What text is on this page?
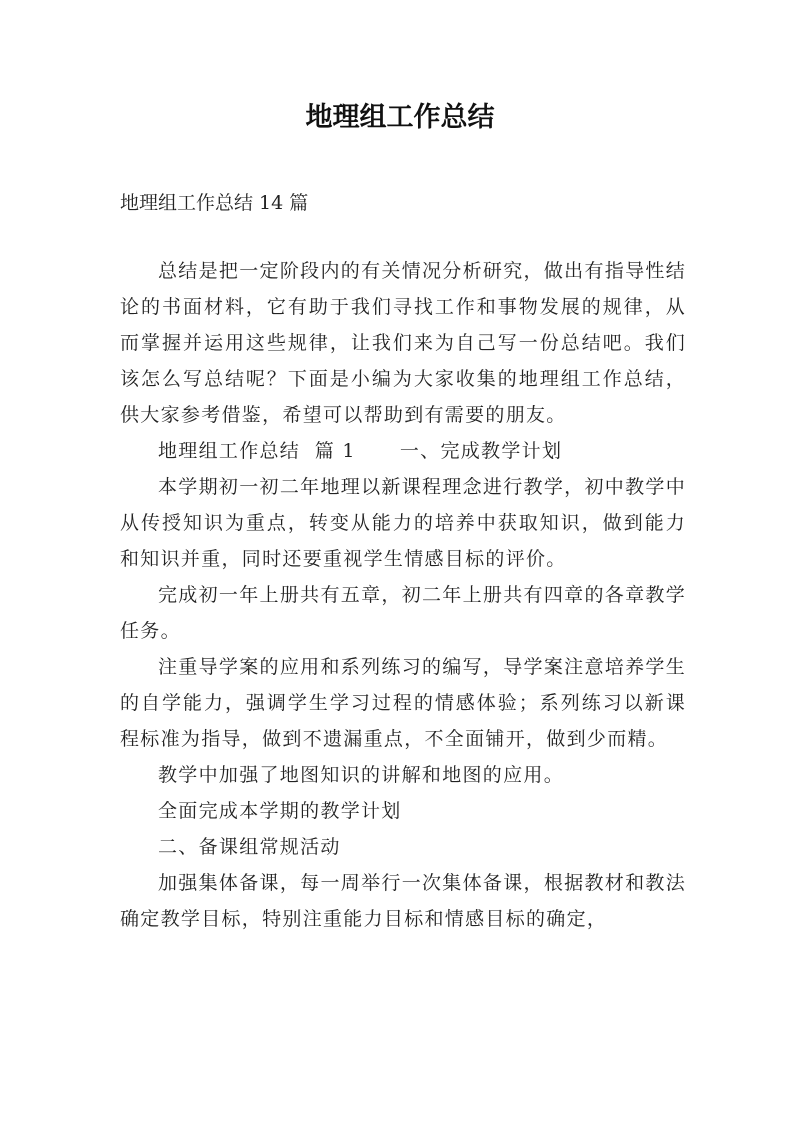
地理组工作总结
地理组工作总结 14 篇

总结是把一定阶段内的有关情况分析研究，做出有指导性结论的书面材料，它有助于我们寻找工作和事物发展的规律，从而掌握并运用这些规律，让我们来为自己写一份总结吧。我们该怎么写总结呢？下面是小编为大家收集的地理组工作总结，供大家参考借鉴，希望可以帮助到有需要的朋友。

地理组工作总结  篇 1      一、完成教学计划

本学期初一初二年地理以新课程理念进行教学，初中教学中从传授知识为重点，转变从能力的培养中获取知识，做到能力和知识并重，同时还要重视学生情感目标的评价。

完成初一年上册共有五章，初二年上册共有四章的各章教学任务。

注重导学案的应用和系列练习的编写，导学案注意培养学生的自学能力，强调学生学习过程的情感体验；系列练习以新课程标准为指导，做到不遗漏重点，不全面铺开，做到少而精。

教学中加强了地图知识的讲解和地图的应用。

全面完成本学期的教学计划

二、备课组常规活动

加强集体备课，每一周举行一次集体备课，根据教材和教法确定教学目标，特别注重能力目标和情感目标的确定，
